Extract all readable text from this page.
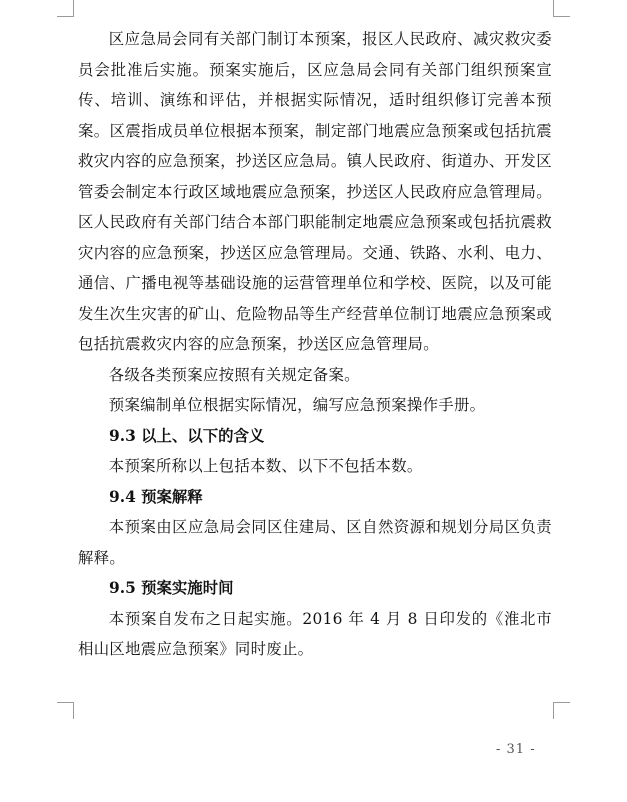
区应急局会同有关部门制订本预案，报区人民政府、减灾救灾委员会批准后实施。预案实施后，区应急局会同有关部门组织预案宣传、培训、演练和评估，并根据实际情况，适时组织修订完善本预案。区震指成员单位根据本预案，制定部门地震应急预案或包括抗震救灾内容的应急预案，抄送区应急局。镇人民政府、街道办、开发区管委会制定本行政区域地震应急预案，抄送区人民政府应急管理局。区人民政府有关部门结合本部门职能制定地震应急预案或包括抗震救灾内容的应急预案，抄送区应急管理局。交通、铁路、水利、电力、通信、广播电视等基础设施的运营管理单位和学校、医院，以及可能发生次生灾害的矿山、危险物品等生产经营单位制订地震应急预案或包括抗震救灾内容的应急预案，抄送区应急管理局。

各级各类预案应按照有关规定备案。

预案编制单位根据实际情况，编写应急预案操作手册。

9.3 以上、以下的含义

本预案所称以上包括本数、以下不包括本数。

9.4 预案解释

本预案由区应急局会同区住建局、区自然资源和规划分局区负责解释。

9.5 预案实施时间

本预案自发布之日起实施。2016 年 4 月 8 日印发的《淮北市相山区地震应急预案》同时废止。

- 31 -
